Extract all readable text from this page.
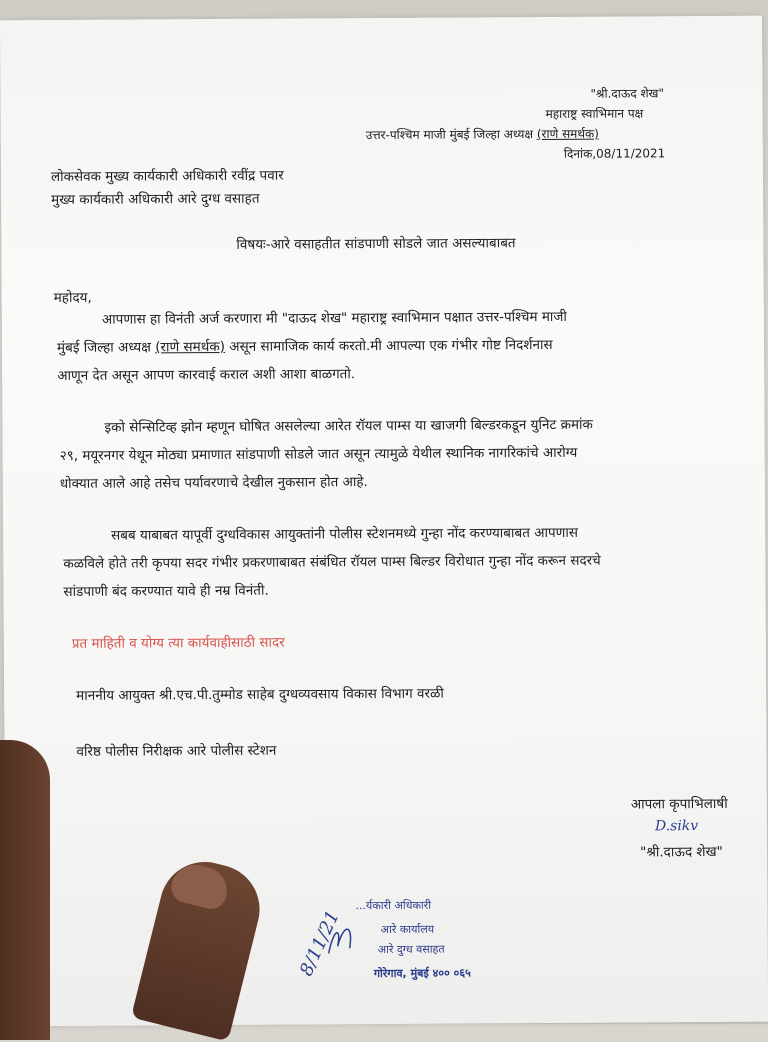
"श्री.दाऊद शेख"
महाराष्ट्र स्वाभिमान पक्ष
उत्तर-पश्चिम माजी मुंबई जिल्हा अध्यक्ष (राणे समर्थक)
दिनांक,08/11/2021
लोकसेवक मुख्य कार्यकारी अधिकारी रवींद्र पवार
मुख्य कार्यकारी अधिकारी आरे दुग्ध वसाहत
विषयः-आरे वसाहतीत सांडपाणी सोडले जात असल्याबाबत
महोदय,
आपणास हा विनंती अर्ज करणारा मी "दाऊद शेख" महाराष्ट्र स्वाभिमान पक्षात उत्तर-पश्चिम माजी
मुंबई जिल्हा अध्यक्ष (राणे समर्थक) असून सामाजिक कार्य करतो.मी आपल्या एक गंभीर गोष्ट निदर्शनास
आणून देत असून आपण कारवाई कराल अशी आशा बाळगतो.
इको सेन्सिटिव्ह झोन म्हणून घोषित असलेल्या आरेत रॉयल पाम्स या खाजगी बिल्डरकडून युनिट क्रमांक
२९, मयूरनगर येथून मोठ्या प्रमाणात सांडपाणी सोडले जात असून त्यामुळे येथील स्थानिक नागरिकांचे आरोग्य
धोक्यात आले आहे तसेच पर्यावरणाचे देखील नुकसान होत आहे.
सबब याबाबत यापूर्वी दुग्धविकास आयुक्तांनी पोलीस स्टेशनमध्ये गुन्हा नोंद करण्याबाबत आपणास
कळविले होते तरी कृपया सदर गंभीर प्रकरणाबाबत संबंधित रॉयल पाम्स बिल्डर विरोधात गुन्हा नोंद करून सदरचे
सांडपाणी बंद करण्यात यावे ही नम्र विनंती.
प्रत माहिती व योग्य त्या कार्यवाहीसाठी सादर
माननीय आयुक्त श्री.एच.पी.तुम्मोड साहेब दुग्धव्यवसाय विकास विभाग वरळी
वरिष्ठ पोलीस निरीक्षक आरे पोलीस स्टेशन
आपला कृपाभिलाषी
D.sikv
"श्री.दाऊद शेख"
...र्यकारी अधिकारी
आरे कार्यालय
आरे दुग्ध वसाहत
गोरेगाव, मुंबई ४०० ०६५
8/11/21
